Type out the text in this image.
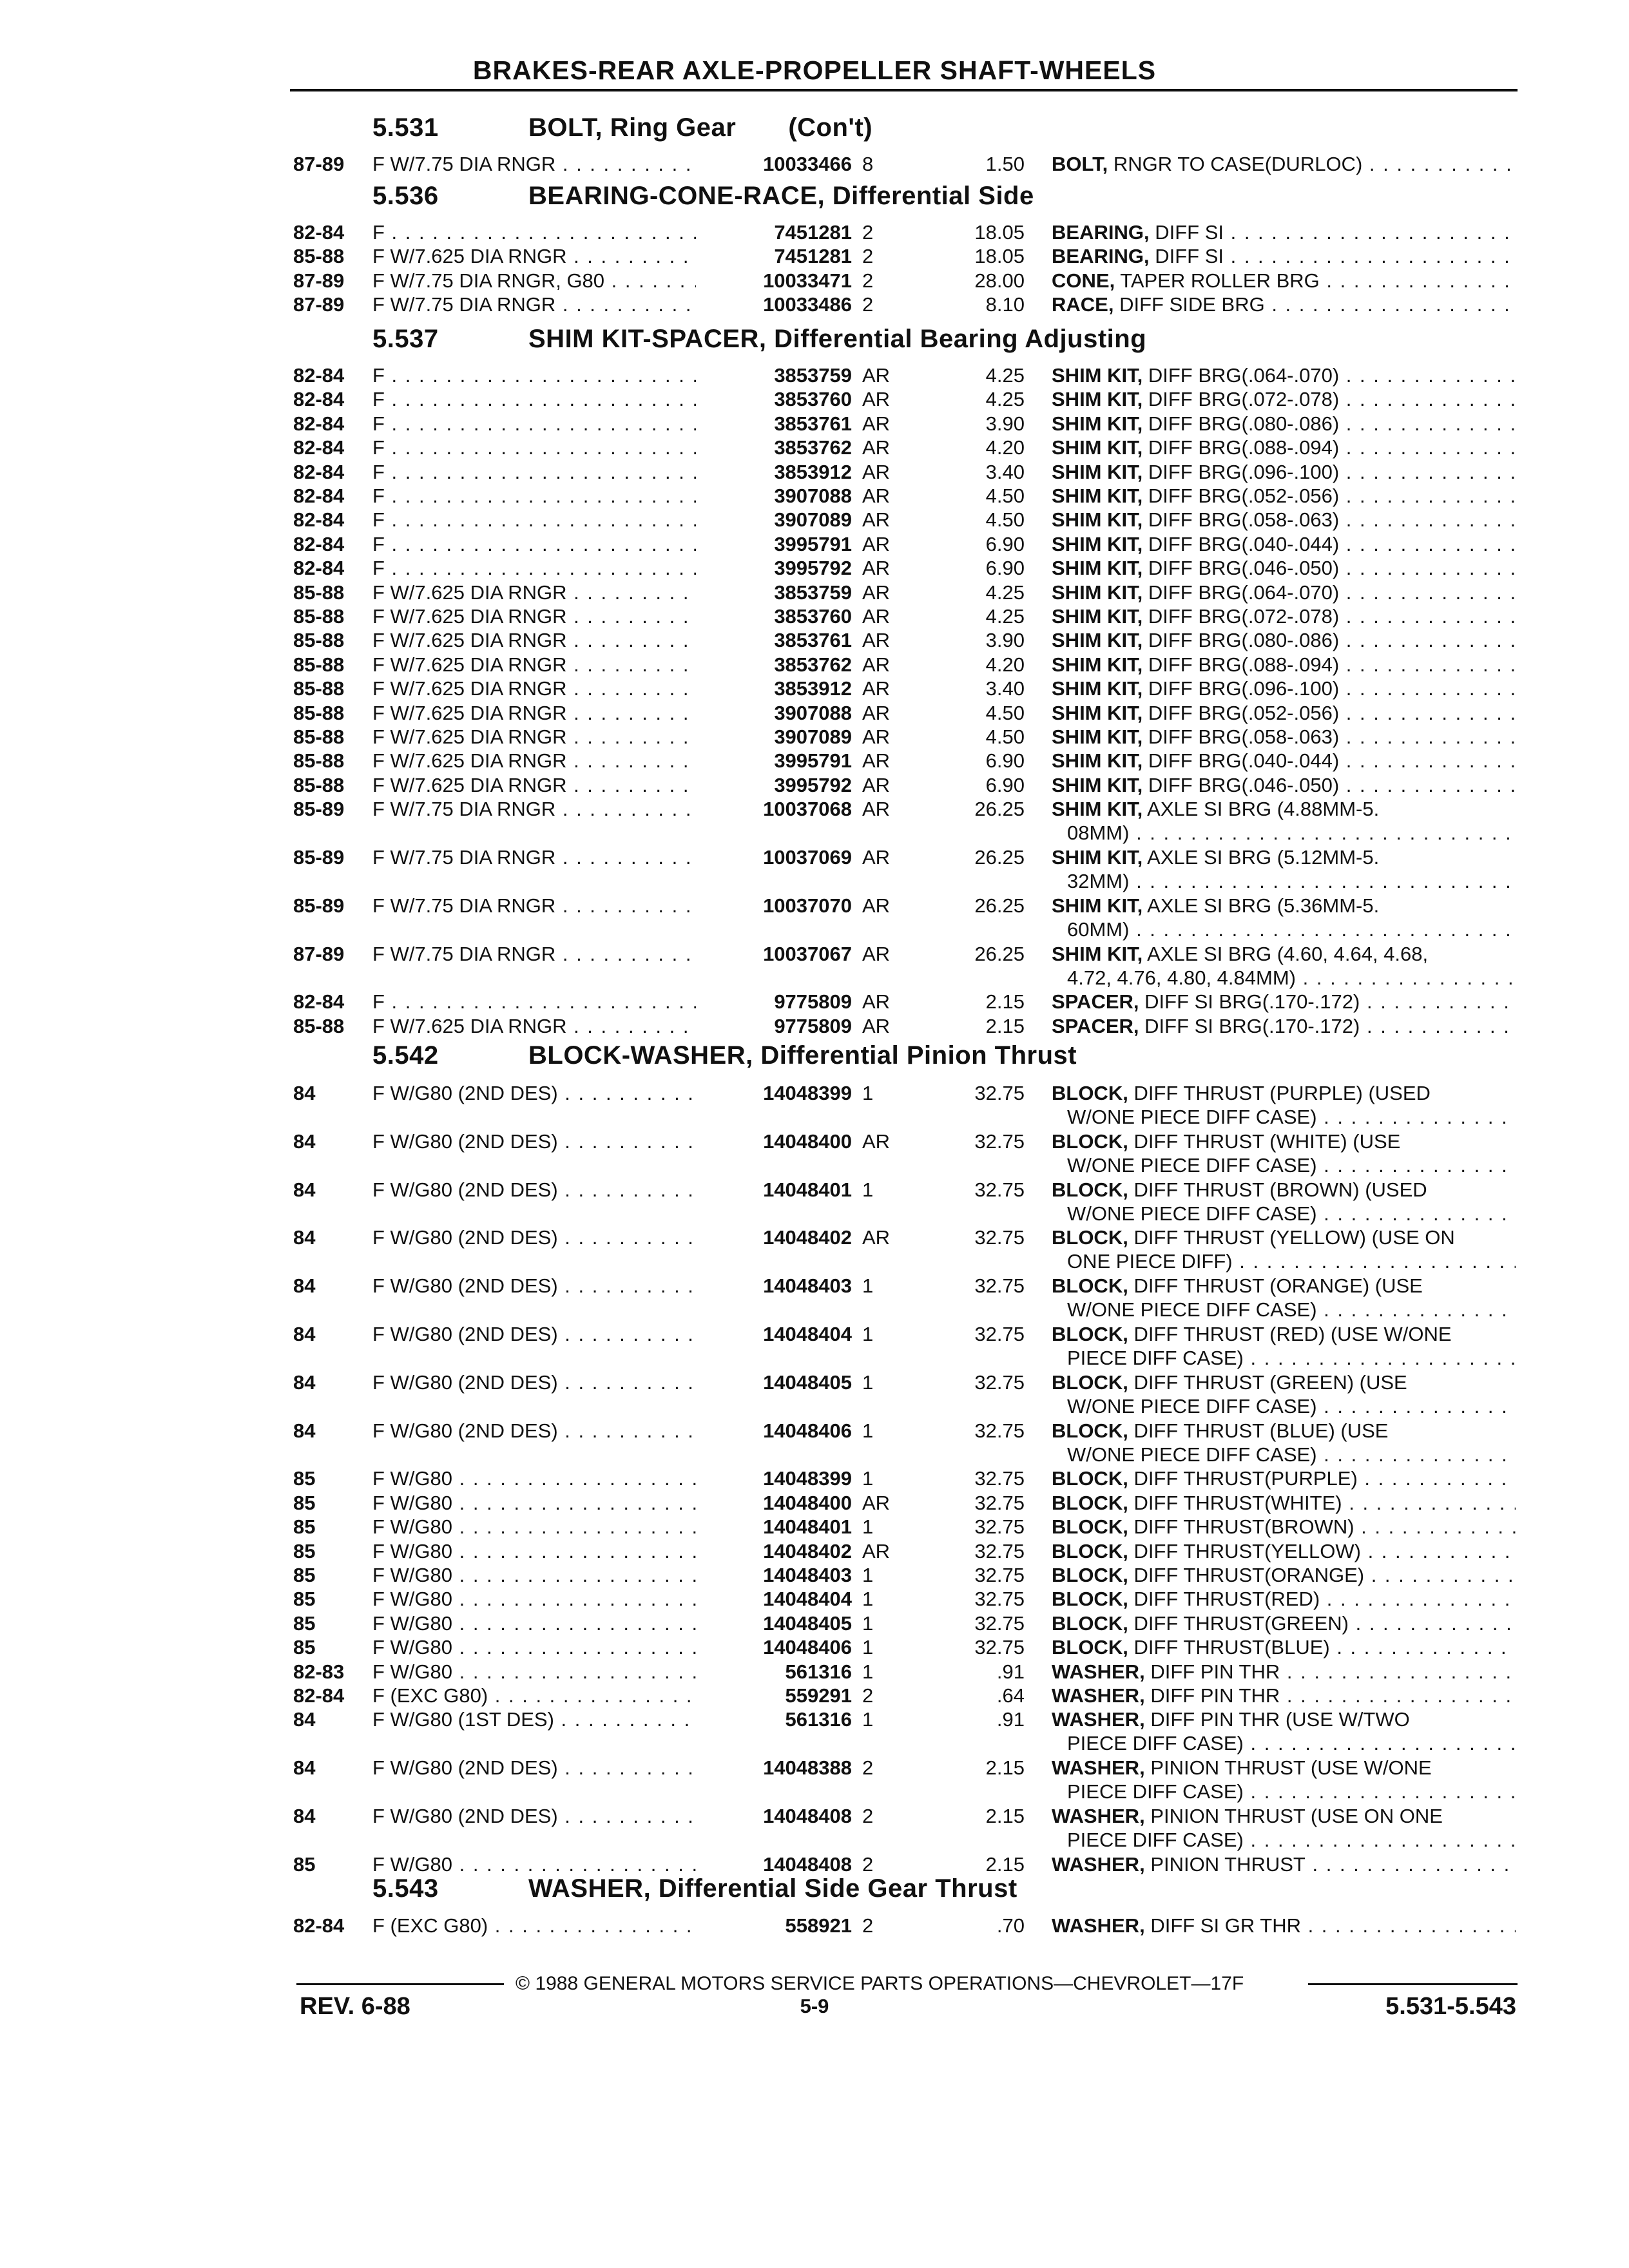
BRAKES-REAR AXLE-PROPELLER SHAFT-WHEELS
5.531	BOLT, Ring Gear  (Con't)
87-89 F W/7.75 DIA RNGR . . .	10033466 8	1.50 BOLT, RNGR TO CASE(DURLOC) . . .
5.536	BEARING-CONE-RACE, Differential Side
82-84 F . . .	7451281 2	18.05 BEARING, DIFF SI . . .
85-88 F W/7.625 DIA RNGR . . .	7451281 2	18.05 BEARING, DIFF SI . . .
87-89 F W/7.75 DIA RNGR, G80 . . .	10033471 2	28.00 CONE, TAPER ROLLER BRG . . .
87-89 F W/7.75 DIA RNGR . . .	10033486 2	8.10 RACE, DIFF SIDE BRG . . .
5.537	SHIM KIT-SPACER, Differential Bearing Adjusting
82-84 F . . .	3853759 AR	4.25 SHIM KIT, DIFF BRG(.064-.070) . . .
82-84 F . . .	3853760 AR	4.25 SHIM KIT, DIFF BRG(.072-.078) . . .
82-84 F . . .	3853761 AR	3.90 SHIM KIT, DIFF BRG(.080-.086) . . .
82-84 F . . .	3853762 AR	4.20 SHIM KIT, DIFF BRG(.088-.094) . . .
82-84 F . . .	3853912 AR	3.40 SHIM KIT, DIFF BRG(.096-.100) . . .
82-84 F . . .	3907088 AR	4.50 SHIM KIT, DIFF BRG(.052-.056) . . .
82-84 F . . .	3907089 AR	4.50 SHIM KIT, DIFF BRG(.058-.063) . . .
82-84 F . . .	3995791 AR	6.90 SHIM KIT, DIFF BRG(.040-.044) . . .
82-84 F . . .	3995792 AR	6.90 SHIM KIT, DIFF BRG(.046-.050) . . .
85-88 F W/7.625 DIA RNGR . . .	3853759 AR	4.25 SHIM KIT, DIFF BRG(.064-.070) . . .
85-88 F W/7.625 DIA RNGR . . .	3853760 AR	4.25 SHIM KIT, DIFF BRG(.072-.078) . . .
85-88 F W/7.625 DIA RNGR . . .	3853761 AR	3.90 SHIM KIT, DIFF BRG(.080-.086) . . .
85-88 F W/7.625 DIA RNGR . . .	3853762 AR	4.20 SHIM KIT, DIFF BRG(.088-.094) . . .
85-88 F W/7.625 DIA RNGR . . .	3853912 AR	3.40 SHIM KIT, DIFF BRG(.096-.100) . . .
85-88 F W/7.625 DIA RNGR . . .	3907088 AR	4.50 SHIM KIT, DIFF BRG(.052-.056) . . .
85-88 F W/7.625 DIA RNGR . . .	3907089 AR	4.50 SHIM KIT, DIFF BRG(.058-.063) . . .
85-88 F W/7.625 DIA RNGR . . .	3995791 AR	6.90 SHIM KIT, DIFF BRG(.040-.044) . . .
85-88 F W/7.625 DIA RNGR . . .	3995792 AR	6.90 SHIM KIT, DIFF BRG(.046-.050) . . .
85-89 F W/7.75 DIA RNGR . . .	10037068 AR	26.25 SHIM KIT, AXLE SI BRG (4.88MM-5.
08MM) . . .
85-89 F W/7.75 DIA RNGR . . .	10037069 AR	26.25 SHIM KIT, AXLE SI BRG (5.12MM-5.
32MM) . . .
85-89 F W/7.75 DIA RNGR . . .	10037070 AR	26.25 SHIM KIT, AXLE SI BRG (5.36MM-5.
60MM) . . .
87-89 F W/7.75 DIA RNGR . . .	10037067 AR	26.25 SHIM KIT, AXLE SI BRG (4.60, 4.64, 4.68,
4.72, 4.76, 4.80, 4.84MM) . . .
82-84 F . . .	9775809 AR	2.15 SPACER, DIFF SI BRG(.170-.172) . . .
85-88 F W/7.625 DIA RNGR . . .	9775809 AR	2.15 SPACER, DIFF SI BRG(.170-.172) . . .
5.542	BLOCK-WASHER, Differential Pinion Thrust
84	F W/G80 (2ND DES) . . .	14048399 1	32.75 BLOCK, DIFF THRUST (PURPLE) (USED
W/ONE PIECE DIFF CASE) . . .
84	F W/G80 (2ND DES) . . .	14048400 AR	32.75 BLOCK, DIFF THRUST (WHITE) (USE
W/ONE PIECE DIFF CASE) . . .
84	F W/G80 (2ND DES) . . .	14048401 1	32.75 BLOCK, DIFF THRUST (BROWN) (USED
W/ONE PIECE DIFF CASE) . . .
84	F W/G80 (2ND DES) . . .	14048402 AR	32.75 BLOCK, DIFF THRUST (YELLOW) (USE ON
ONE PIECE DIFF) . . .
84	F W/G80 (2ND DES) . . .	14048403 1	32.75 BLOCK, DIFF THRUST (ORANGE) (USE
W/ONE PIECE DIFF CASE) . . .
84	F W/G80 (2ND DES) . . .	14048404 1	32.75 BLOCK, DIFF THRUST (RED) (USE W/ONE
PIECE DIFF CASE) . . .
84	F W/G80 (2ND DES) . . .	14048405 1	32.75 BLOCK, DIFF THRUST (GREEN) (USE
W/ONE PIECE DIFF CASE) . . .
84	F W/G80 (2ND DES) . . .	14048406 1	32.75 BLOCK, DIFF THRUST (BLUE) (USE
W/ONE PIECE DIFF CASE) . . .
85	F W/G80 . . .	14048399 1	32.75 BLOCK, DIFF THRUST(PURPLE) . . .
85	F W/G80 . . .	14048400 AR	32.75 BLOCK, DIFF THRUST(WHITE) . . .
85	F W/G80 . . .	14048401 1	32.75 BLOCK, DIFF THRUST(BROWN) . . .
85	F W/G80 . . .	14048402 AR	32.75 BLOCK, DIFF THRUST(YELLOW) . . .
85	F W/G80 . . .	14048403 1	32.75 BLOCK, DIFF THRUST(ORANGE) . . .
85	F W/G80 . . .	14048404 1	32.75 BLOCK, DIFF THRUST(RED) . . .
85	F W/G80 . . .	14048405 1	32.75 BLOCK, DIFF THRUST(GREEN) . . .
85	F W/G80 . . .	14048406 1	32.75 BLOCK, DIFF THRUST(BLUE) . . .
82-83 F W/G80 . . .	561316 1	.91 WASHER, DIFF PIN THR . . .
82-84 F (EXC G80) . . .	559291 2	.64 WASHER, DIFF PIN THR . . .
84	F W/G80 (1ST DES) . . .	561316 1	.91 WASHER, DIFF PIN THR (USE W/TWO
PIECE DIFF CASE) . . .
84	F W/G80 (2ND DES) . . .	14048388 2	2.15 WASHER, PINION THRUST (USE W/ONE
PIECE DIFF CASE) . . .
84	F W/G80 (2ND DES) . . .	14048408 2	2.15 WASHER, PINION THRUST (USE ON ONE
PIECE DIFF CASE) . . .
85	F W/G80 . . .	14048408 2	2.15 WASHER, PINION THRUST . . .
5.543	WASHER, Differential Side Gear Thrust
82-84 F (EXC G80) . . .	558921 2	.70 WASHER, DIFF SI GR THR . . .
© 1988 GENERAL MOTORS SERVICE PARTS OPERATIONS—CHEVROLET—17F
REV. 6-88	5-9	5.531-5.543
